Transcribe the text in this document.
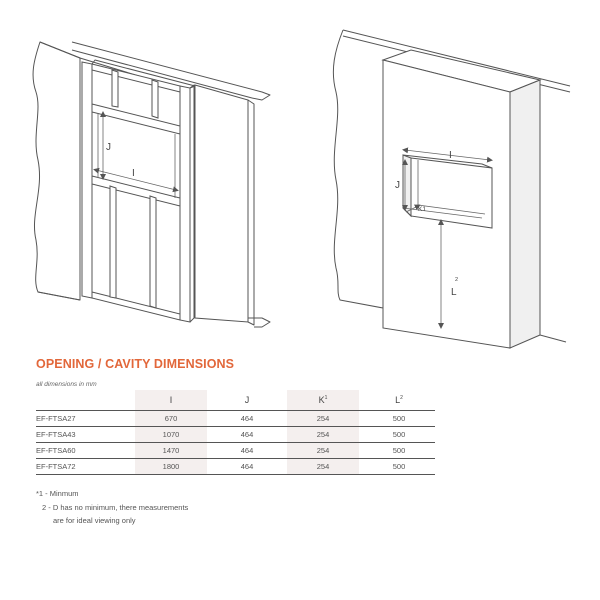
J
I
I
J
K1
L
2
OPENING / CAVITY DIMENSIONS
all dimensions in mm
	I		J		$K^1$		$L^2$
EF-FTSA27	670		464		254		500
EF-FTSA43	1070		464		254		500
EF-FTSA60	1470		464		254		500
EF-FTSA72	1800		464		254		500
*1 - Minmum
2 - D has no minimum, there measurements
are for ideal viewing only
